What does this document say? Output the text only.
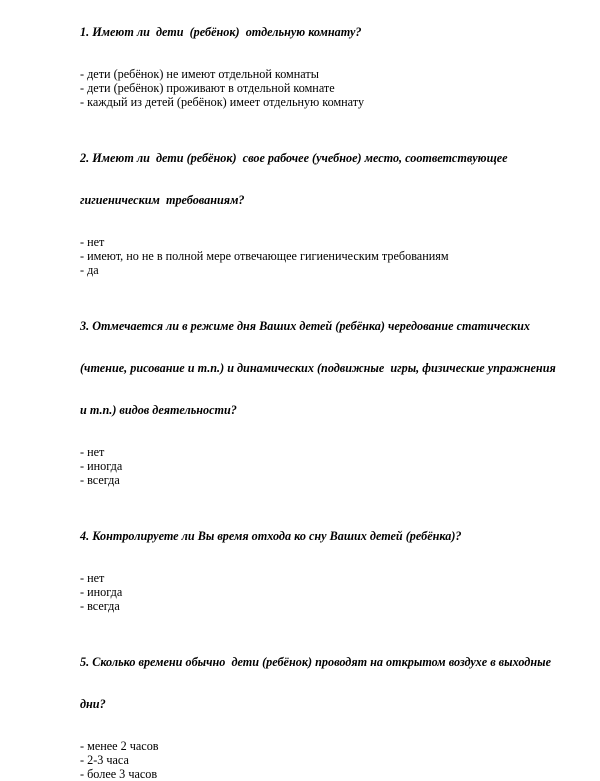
1. Имеют ли  дети  (ребёнок)  отдельную комнату?

- дети (ребёнок) не имеют отдельной комнаты
- дети (ребёнок) проживают в отдельной комнате
- каждый из детей (ребёнок) имеет отдельную комнату

2. Имеют ли  дети (ребёнок)  свое рабочее (учебное) место, соответствующее

гигиеническим  требованиям?

- нет
- имеют, но не в полной мере отвечающее гигиеническим требованиям
- да

3. Отмечается ли в режиме дня Ваших детей (ребёнка) чередование статических

(чтение, рисование и т.п.) и динамических (подвижные  игры, физические упражнения

и т.п.) видов деятельности?

- нет
- иногда
- всегда

4. Контролируете ли Вы время отхода ко сну Ваших детей (ребёнка)?

- нет
- иногда
- всегда

5. Сколько времени обычно  дети (ребёнок) проводят на открытом воздухе в выходные

дни?

- менее 2 часов
- 2-3 часа
- более 3 часов
